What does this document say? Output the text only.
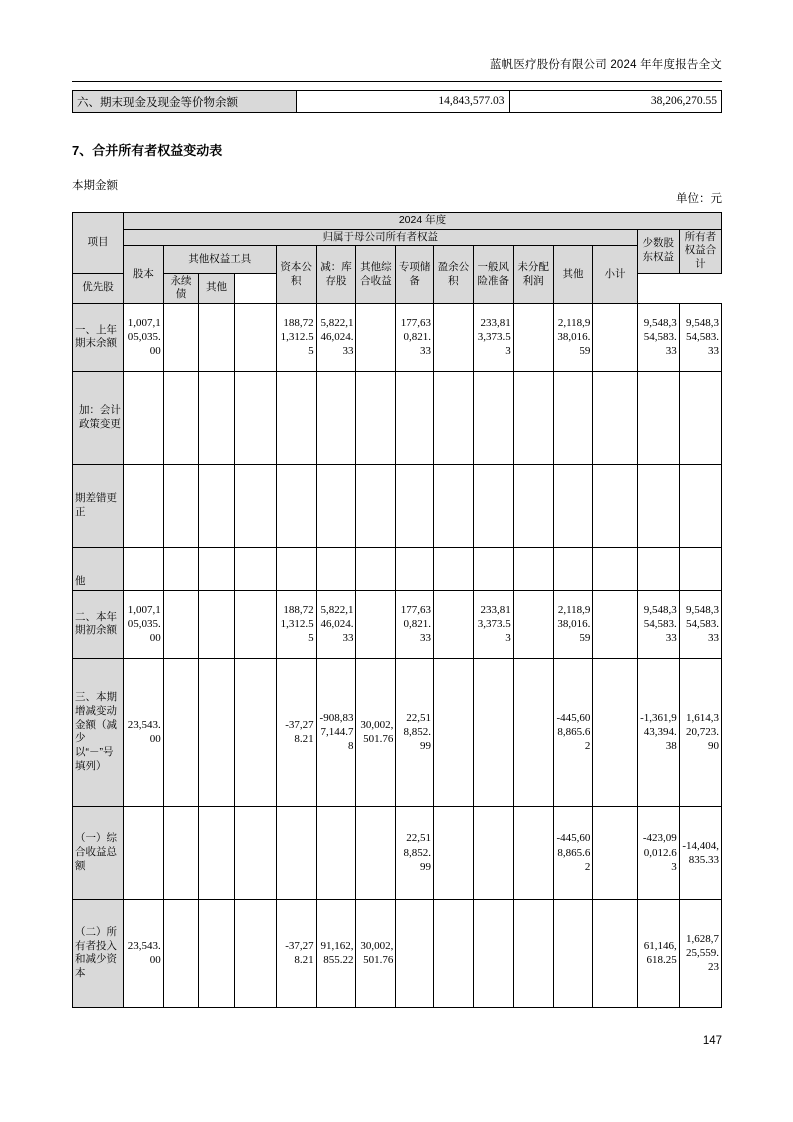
蓝帆医疗股份有限公司 2024 年年度报告全文
六、期末现金及现金等价物余额	14,843,577.03	38,206,270.55
7、合并所有者权益变动表
本期金额
单位：元
项目	2024 年度														
	归属于母公司所有者权益													少数股东权益	所有者权益合计
	股本	其他权益工具			资本公积	减：库存股	其他综合收益	专项储备	盈余公积	一般风险准备	未分配利润	其他	小计		
优先股		永续债	其他												
一、上年期末余额	1,007,105,035.00				188,721,312.55	5,822,146,024.33		177,630,821.33		233,813,373.53		2,118,938,016.59		9,548,354,583.33	9,548,354,583.33
加：会计政策变更															
期差错更正															
他															
二、本年期初余额	1,007,105,035.00				188,721,312.55	5,822,146,024.33		177,630,821.33		233,813,373.53		2,118,938,016.59		9,548,354,583.33	9,548,354,583.33
三、本期增减变动金额（减少以“－”号填列）	23,543.00				-37,278.21	-908,837,144.78	30,002,501.76	22,518,852.99				-445,608,865.62		-1,361,943,394.38	1,614,320,723.90
（一）综合收益总额								22,518,852.99				-445,608,865.62		-423,090,012.63	-14,404,835.33
（二）所有者投入和减少资本	23,543.00				-37,278.21	91,162,855.22	30,002,501.76							61,146,618.25	1,628,725,559.23
147
